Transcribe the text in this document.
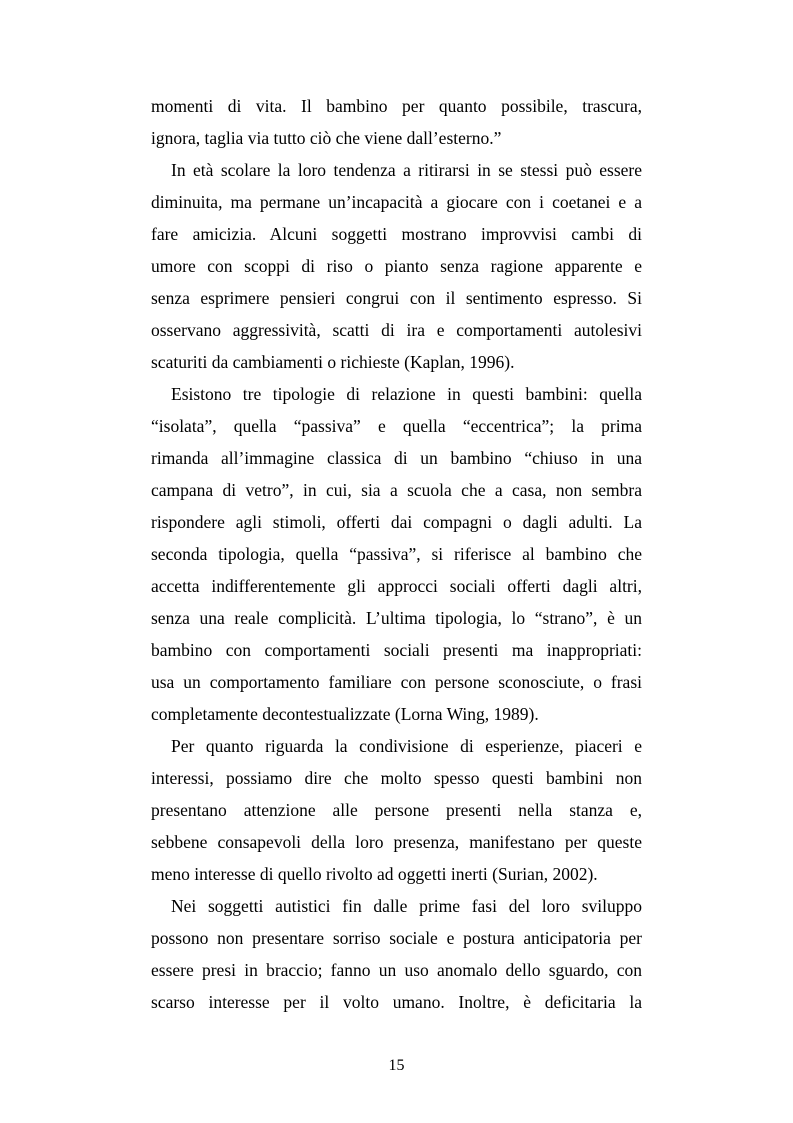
momenti di vita. Il bambino per quanto possibile, trascura,
ignora, taglia via tutto ciò che viene dall’esterno.”
In età scolare la loro tendenza a ritirarsi in se stessi può essere
diminuita, ma permane un’incapacità a giocare con i coetanei e a
fare amicizia. Alcuni soggetti mostrano improvvisi cambi di
umore con scoppi di riso o pianto senza ragione apparente e
senza esprimere pensieri congrui con il sentimento espresso. Si
osservano aggressività, scatti di ira e comportamenti autolesivi
scaturiti da cambiamenti o richieste (Kaplan, 1996).
Esistono tre tipologie di relazione in questi bambini: quella
“isolata”, quella “passiva” e quella “eccentrica”; la prima
rimanda all’immagine classica di un bambino “chiuso in una
campana di vetro”, in cui, sia a scuola che a casa, non sembra
rispondere agli stimoli, offerti dai compagni o dagli adulti. La
seconda tipologia, quella “passiva”, si riferisce al bambino che
accetta indifferentemente gli approcci sociali offerti dagli altri,
senza una reale complicità. L’ultima tipologia, lo “strano”, è un
bambino con comportamenti sociali presenti ma inappropriati:
usa un comportamento familiare con persone sconosciute, o frasi
completamente decontestualizzate (Lorna Wing, 1989).
Per quanto riguarda la condivisione di esperienze, piaceri e
interessi, possiamo dire che molto spesso questi bambini non
presentano attenzione alle persone presenti nella stanza e,
sebbene consapevoli della loro presenza, manifestano per queste
meno interesse di quello rivolto ad oggetti inerti (Surian, 2002).
Nei soggetti autistici fin dalle prime fasi del loro sviluppo
possono non presentare sorriso sociale e postura anticipatoria per
essere presi in braccio; fanno un uso anomalo dello sguardo, con
scarso interesse per il volto umano. Inoltre, è deficitaria la
15
